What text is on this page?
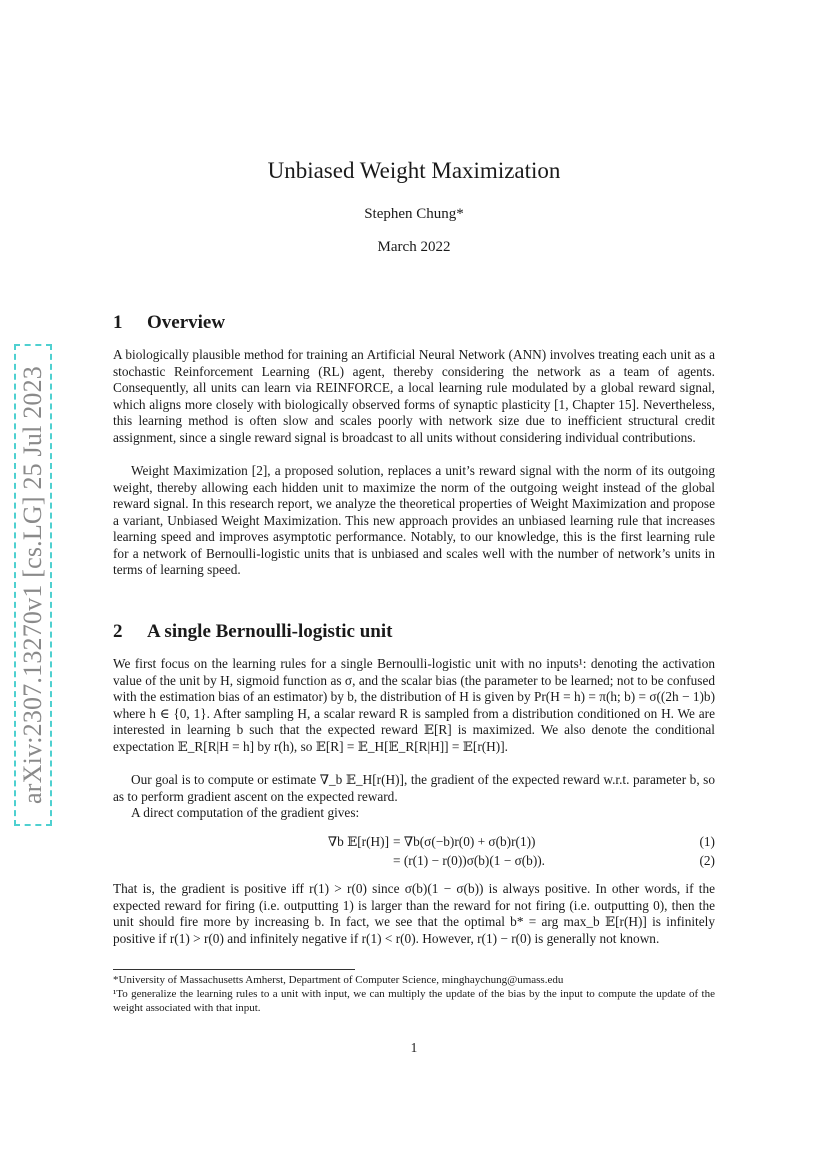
arXiv:2307.13270v1 [cs.LG] 25 Jul 2023
Unbiased Weight Maximization
Stephen Chung*
March 2022
1 Overview

A biologically plausible method for training an Artificial Neural Network (ANN) involves treating each unit as a stochastic Reinforcement Learning (RL) agent, thereby considering the network as a team of agents. Consequently, all units can learn via REINFORCE, a local learning rule modulated by a global reward signal, which aligns more closely with biologically observed forms of synaptic plasticity [1, Chapter 15]. Nevertheless, this learning method is often slow and scales poorly with network size due to inefficient structural credit assignment, since a single reward signal is broadcast to all units without considering individual contributions.

Weight Maximization [2], a proposed solution, replaces a unit’s reward signal with the norm of its outgoing weight, thereby allowing each hidden unit to maximize the norm of the outgoing weight instead of the global reward signal. In this research report, we analyze the theoretical properties of Weight Maximization and propose a variant, Unbiased Weight Maximization. This new approach provides an unbiased learning rule that increases learning speed and improves asymptotic performance. Notably, to our knowledge, this is the first learning rule for a network of Bernoulli-logistic units that is unbiased and scales well with the number of network’s units in terms of learning speed.

2 A single Bernoulli-logistic unit

We first focus on the learning rules for a single Bernoulli-logistic unit with no inputs¹: denoting the activation value of the unit by H, sigmoid function as σ, and the scalar bias (the parameter to be learned; not to be confused with the estimation bias of an estimator) by b, the distribution of H is given by Pr(H = h) = π(h; b) = σ((2h − 1)b) where h ∈ {0, 1}. After sampling H, a scalar reward R is sampled from a distribution conditioned on H. We are interested in learning b such that the expected reward 𝔼[R] is maximized. We also denote the conditional expectation 𝔼_R[R|H = h] by r(h), so 𝔼[R] = 𝔼_H[𝔼_R[R|H]] = 𝔼[r(H)].

Our goal is to compute or estimate ∇_b 𝔼_H[r(H)], the gradient of the expected reward w.r.t. parameter b, so as to perform gradient ascent on the expected reward.

A direct computation of the gradient gives:

∇b 𝔼[r(H)] = ∇b(σ(−b)r(0) + σ(b)r(1))	(1)
= (r(1) − r(0))σ(b)(1 − σ(b)).	(2)

That is, the gradient is positive iff r(1) > r(0) since σ(b)(1 − σ(b)) is always positive. In other words, if the expected reward for firing (i.e. outputting 1) is larger than the reward for not firing (i.e. outputting 0), then the unit should fire more by increasing b. In fact, we see that the optimal b* = arg max_b 𝔼[r(H)] is infinitely positive if r(1) > r(0) and infinitely negative if r(1) < r(0). However, r(1) − r(0) is generally not known.

*University of Massachusetts Amherst, Department of Computer Science, minghaychung@umass.edu

¹To generalize the learning rules to a unit with input, we can multiply the update of the bias by the input to compute the update of the weight associated with that input.

1
